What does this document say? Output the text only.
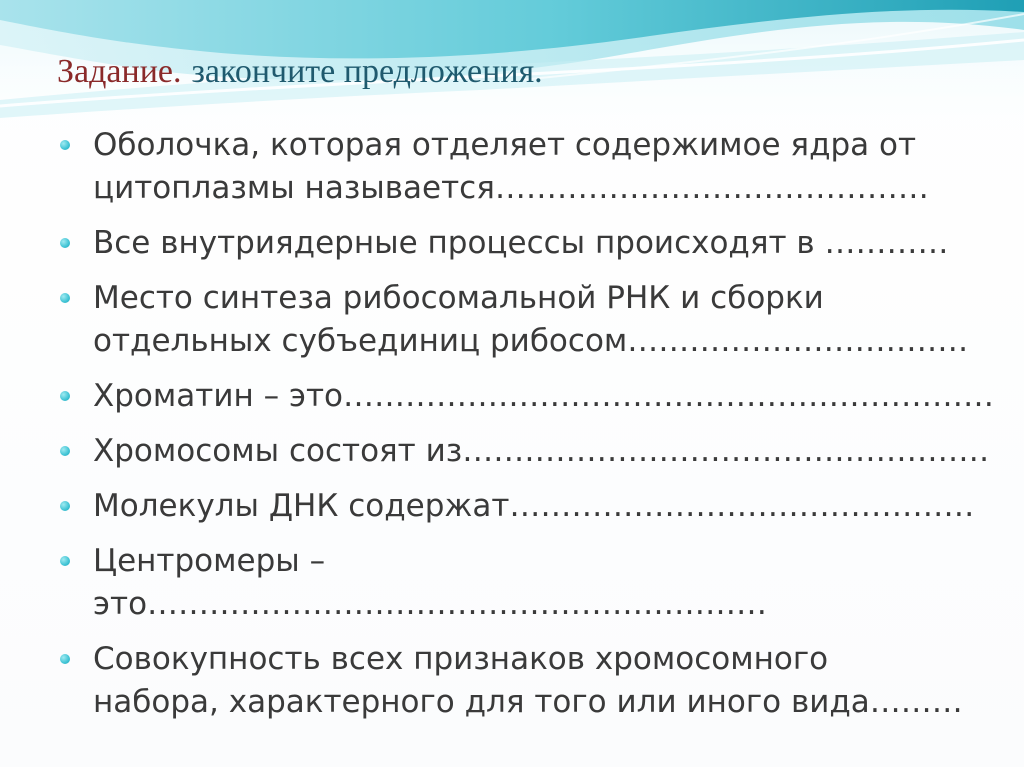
Задание. закончите предложения.
Оболочка, которая отделяет содержимое ядра от
цитоплазмы называется……………………………………
Все внутриядерные процессы происходят в …………
Место синтеза рибосомальной РНК и сборки
отдельных субъединиц рибосом……………………………
Хроматин – это………………………………………………………
Хромосомы состоят из……………………………………………
Молекулы ДНК содержат………………………………………
Центромеры – это……………………………………………………
Совокупность всех признаков хромосомного
набора, характерного для того или иного вида………
